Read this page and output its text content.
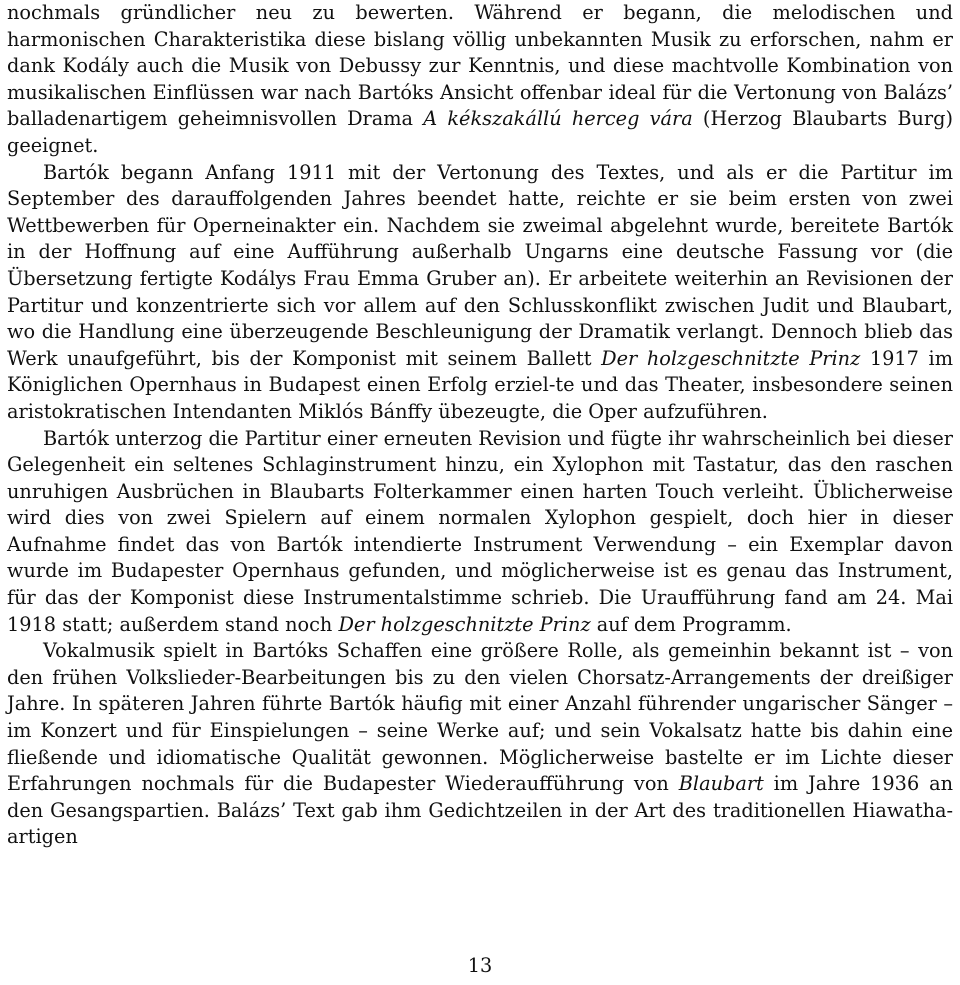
nochmals gründlicher neu zu bewerten. Während er begann, die melodischen und harmonischen Charakteristika diese bislang völlig unbekannten Musik zu erforschen, nahm er dank Kodály auch die Musik von Debussy zur Kenntnis, und diese machtvolle Kombination von musikalischen Einflüssen war nach Bartóks Ansicht offenbar ideal für die Vertonung von Balázs’ balladenartigem geheimnisvollen Drama A kékszakállú herceg vára (Herzog Blaubarts Burg) geeignet.

Bartók begann Anfang 1911 mit der Vertonung des Textes, und als er die Partitur im September des darauffolgenden Jahres beendet hatte, reichte er sie beim ersten von zwei Wettbewerben für Operneinakter ein. Nachdem sie zweimal abgelehnt wurde, bereitete Bartók in der Hoffnung auf eine Aufführung außerhalb Ungarns eine deutsche Fassung vor (die Übersetzung fertigte Kodálys Frau Emma Gruber an). Er arbeitete weiterhin an Revisionen der Partitur und konzentrierte sich vor allem auf den Schlusskonflikt zwischen Judit und Blaubart, wo die Handlung eine überzeugende Beschleunigung der Dramatik verlangt. Dennoch blieb das Werk unaufgeführt, bis der Komponist mit seinem Ballett Der holzgeschnitzte Prinz 1917 im Königlichen Opernhaus in Budapest einen Erfolg erziel-te und das Theater, insbesondere seinen aristokratischen Intendanten Miklós Bánffy übezeugte, die Oper aufzuführen.

Bartók unterzog die Partitur einer erneuten Revision und fügte ihr wahrscheinlich bei dieser Gelegenheit ein seltenes Schlaginstrument hinzu, ein Xylophon mit Tastatur, das den raschen unruhigen Ausbrüchen in Blaubarts Folterkammer einen harten Touch verleiht. Üblicherweise wird dies von zwei Spielern auf einem normalen Xylophon gespielt, doch hier in dieser Aufnahme findet das von Bartók intendierte Instrument Verwendung – ein Exemplar davon wurde im Budapester Opernhaus gefunden, und möglicherweise ist es genau das Instrument, für das der Komponist diese Instrumentalstimme schrieb. Die Uraufführung fand am 24. Mai 1918 statt; außerdem stand noch Der holzgeschnitzte Prinz auf dem Programm.

Vokalmusik spielt in Bartóks Schaffen eine größere Rolle, als gemeinhin bekannt ist – von den frühen Volkslieder-Bearbeitungen bis zu den vielen Chorsatz-Arrangements der dreißiger Jahre. In späteren Jahren führte Bartók häufig mit einer Anzahl führender ungarischer Sänger – im Konzert und für Einspielungen – seine Werke auf; und sein Vokalsatz hatte bis dahin eine fließende und idiomatische Qualität gewonnen. Möglicherweise bastelte er im Lichte dieser Erfahrungen nochmals für die Budapester Wiederaufführung von Blaubart im Jahre 1936 an den Gesangspartien. Balázs’ Text gab ihm Gedichtzeilen in der Art des traditionellen Hiawatha-artigen

13
